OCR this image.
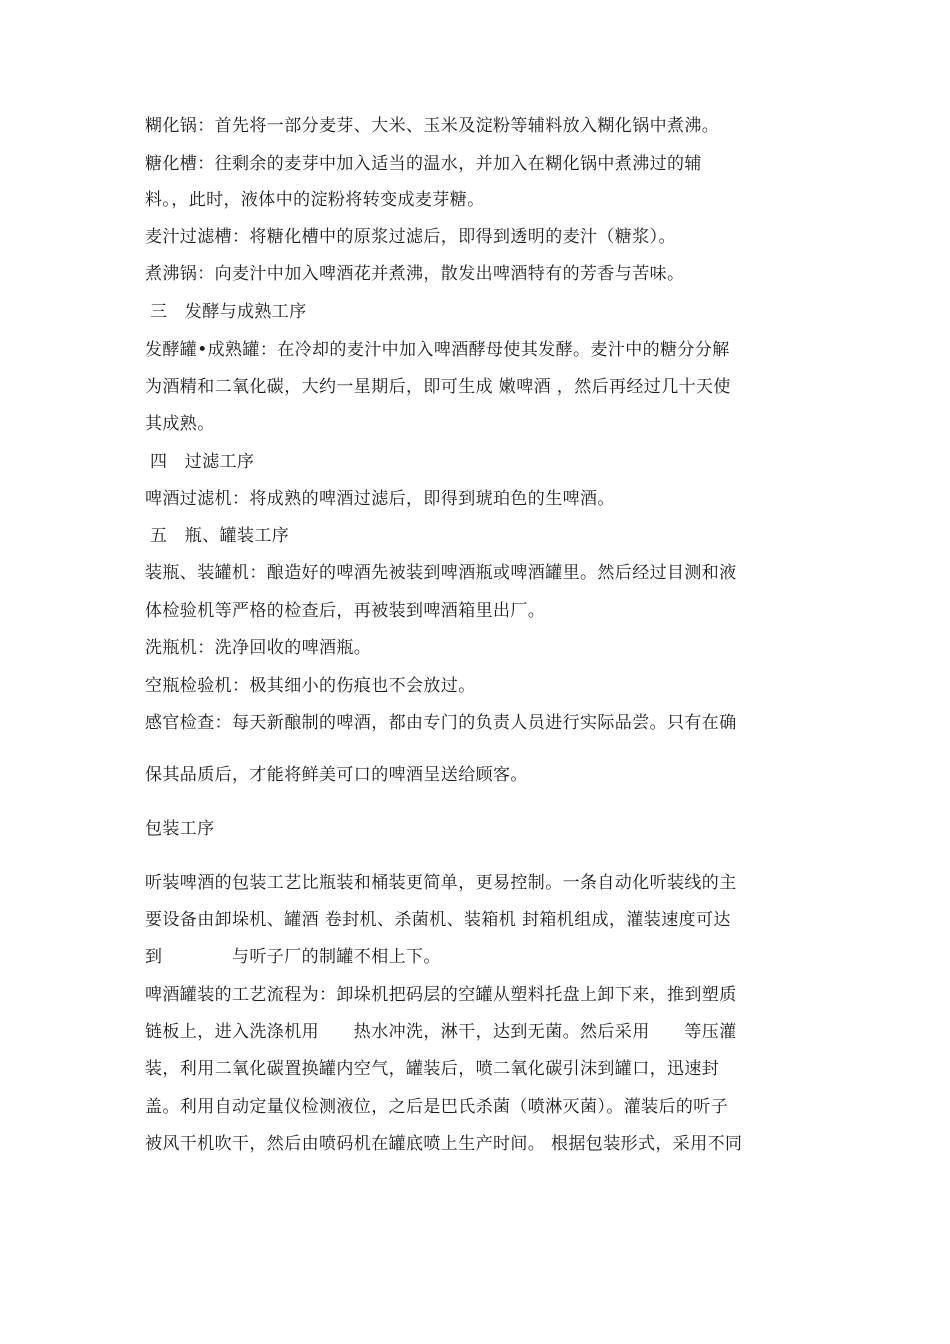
糊化锅：首先将一部分麦芽、大米、玉米及淀粉等辅料放入糊化锅中煮沸。
糖化槽：往剩余的麦芽中加入适当的温水，并加入在糊化锅中煮沸过的辅
料。，此时，液体中的淀粉将转变成麦芽糖。
麦汁过滤槽：将糖化槽中的原浆过滤后，即得到透明的麦汁（糖浆）。
煮沸锅：向麦汁中加入啤酒花并煮沸，散发出啤酒特有的芳香与苦味。
三　发酵与成熟工序
发酵罐•成熟罐：在冷却的麦汁中加入啤酒酵母使其发酵。麦汁中的糖分分解
为酒精和二氧化碳，大约一星期后，即可生成 嫩啤酒 ，然后再经过几十天使
其成熟。
四　过滤工序
啤酒过滤机：将成熟的啤酒过滤后，即得到琥珀色的生啤酒。
五　瓶、罐装工序
装瓶、装罐机：酿造好的啤酒先被装到啤酒瓶或啤酒罐里。然后经过目测和液
体检验机等严格的检查后，再被装到啤酒箱里出厂。
洗瓶机：洗净回收的啤酒瓶。
空瓶检验机：极其细小的伤痕也不会放过。
感官检查：每天新酿制的啤酒，都由专门的负责人员进行实际品尝。只有在确
保其品质后，才能将鲜美可口的啤酒呈送给顾客。
包装工序
听装啤酒的包装工艺比瓶装和桶装更简单，更易控制。一条自动化听装线的主
要设备由卸垛机、罐酒 卷封机、杀菌机、装箱机 封箱机组成，灌装速度可达
到　　　　与听子厂的制罐不相上下。
啤酒罐装的工艺流程为：卸垛机把码层的空罐从塑料托盘上卸下来，推到塑质
链板上，进入洗涤机用　　热水冲洗，淋干，达到无菌。然后采用　　等压灌
装，利用二氧化碳置换罐内空气，罐装后，喷二氧化碳引沫到罐口，迅速封
盖。利用自动定量仪检测液位，之后是巴氏杀菌（喷淋灭菌）。灌装后的听子
被风干机吹干，然后由喷码机在罐底喷上生产时间。 根据包装形式，采用不同
